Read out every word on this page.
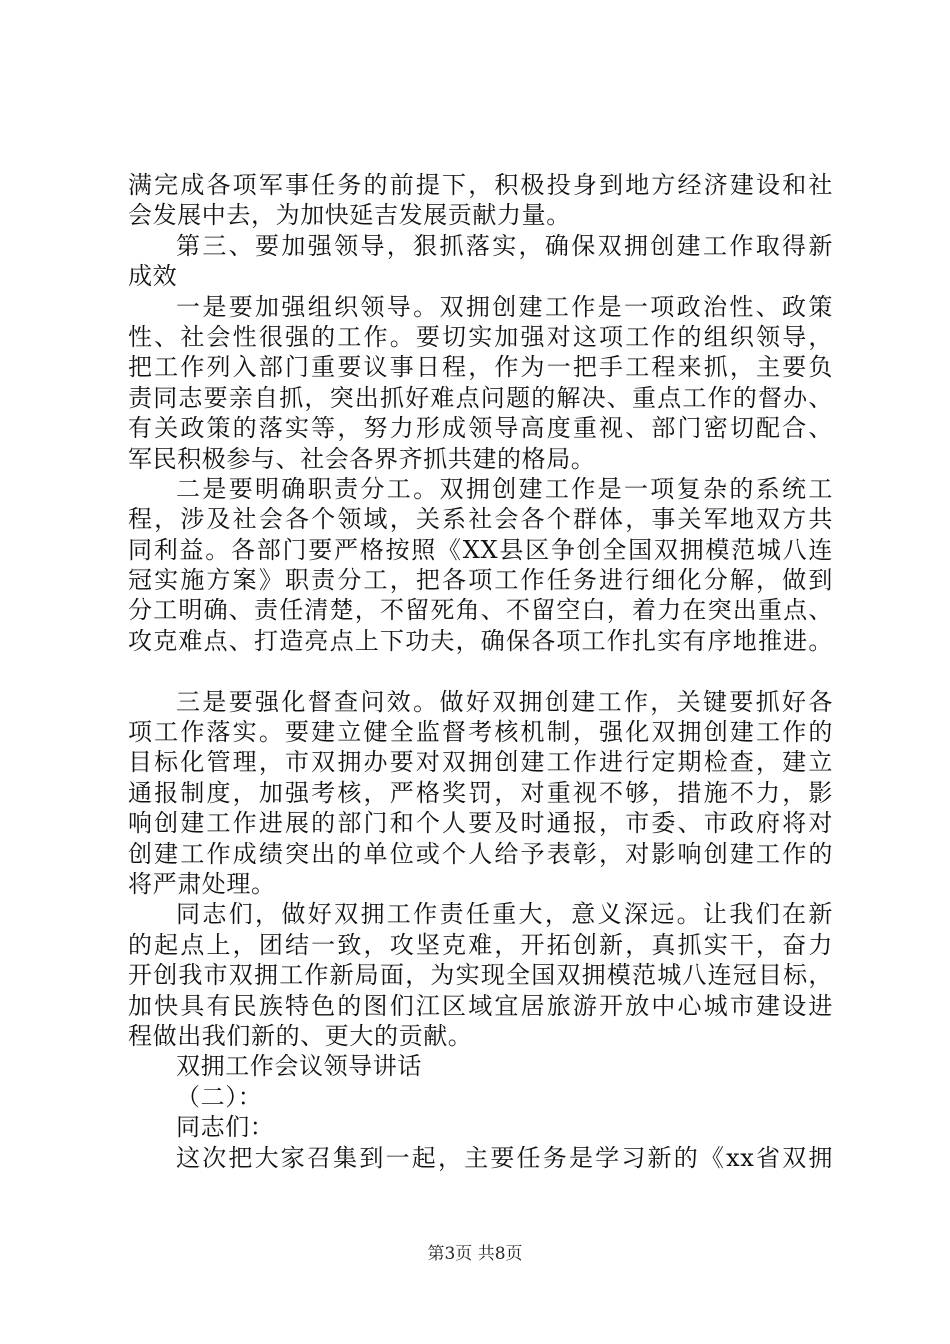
满完成各项军事任务的前提下，积极投身到地方经济建设和社
会发展中去，为加快延吉发展贡献力量。
第三、要加强领导，狠抓落实，确保双拥创建工作取得新
成效
一是要加强组织领导。双拥创建工作是一项政治性、政策
性、社会性很强的工作。要切实加强对这项工作的组织领导，
把工作列入部门重要议事日程，作为一把手工程来抓，主要负
责同志要亲自抓，突出抓好难点问题的解决、重点工作的督办、
有关政策的落实等，努力形成领导高度重视、部门密切配合、
军民积极参与、社会各界齐抓共建的格局。
二是要明确职责分工。双拥创建工作是一项复杂的系统工
程，涉及社会各个领域，关系社会各个群体，事关军地双方共
同利益。各部门要严格按照《XX县区争创全国双拥模范城八连
冠实施方案》职责分工，把各项工作任务进行细化分解，做到
分工明确、责任清楚，不留死角、不留空白，着力在突出重点、
攻克难点、打造亮点上下功夫，确保各项工作扎实有序地推进。
三是要强化督查问效。做好双拥创建工作，关键要抓好各
项工作落实。要建立健全监督考核机制，强化双拥创建工作的
目标化管理，市双拥办要对双拥创建工作进行定期检查，建立
通报制度，加强考核，严格奖罚，对重视不够，措施不力，影
响创建工作进展的部门和个人要及时通报，市委、市政府将对
创建工作成绩突出的单位或个人给予表彰，对影响创建工作的
将严肃处理。
同志们，做好双拥工作责任重大，意义深远。让我们在新
的起点上，团结一致，攻坚克难，开拓创新，真抓实干，奋力
开创我市双拥工作新局面，为实现全国双拥模范城八连冠目标，
加快具有民族特色的图们江区域宜居旅游开放中心城市建设进
程做出我们新的、更大的贡献。
双拥工作会议领导讲话
（二）：
同志们：
这次把大家召集到一起，主要任务是学习新的《xx省双拥
第3页 共8页
